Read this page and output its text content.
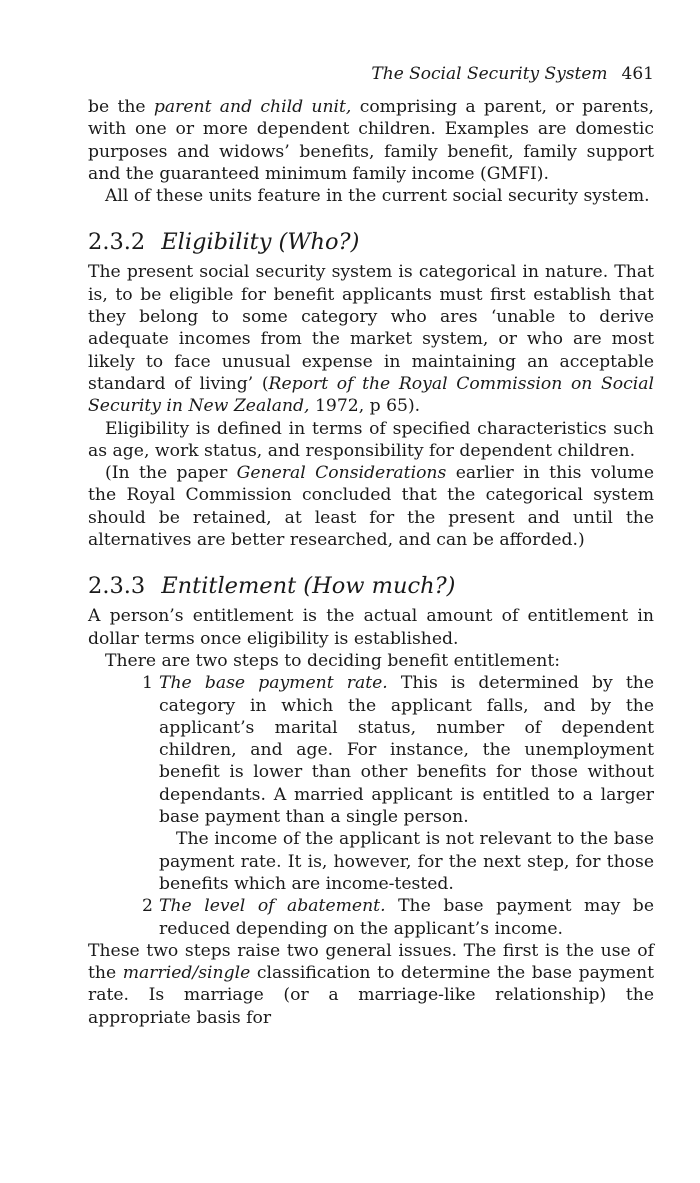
The Social Security System 461

be the parent and child unit, comprising a parent, or parents, with one or more dependent children. Examples are domestic purposes and widows’ benefits, family benefit, family support and the guaranteed minimum family income (GMFI).

All of these units feature in the current social security system.

2.3.2 Eligibility (Who?)

The present social security system is categorical in nature. That is, to be eligible for benefit applicants must first establish that they belong to some category who ares ‘unable to derive adequate incomes from the market system, or who are most likely to face unusual expense in maintaining an acceptable standard of living’ (Report of the Royal Commission on Social Security in New Zealand, 1972, p 65).

Eligibility is defined in terms of specified characteristics such as age, work status, and responsibility for dependent children.

(In the paper General Considerations earlier in this volume the Royal Commission concluded that the categorical system should be retained, at least for the present and until the alternatives are better researched, and can be afforded.)

2.3.3 Entitlement (How much?)

A person’s entitlement is the actual amount of entitlement in dollar terms once eligibility is established.

There are two steps to deciding benefit entitlement:

1 The base payment rate. This is determined by the category in which the applicant falls, and by the applicant’s marital status, number of dependent children, and age. For instance, the unemployment benefit is lower than other benefits for those without dependants. A married applicant is entitled to a larger base payment than a single person.

The income of the applicant is not relevant to the base payment rate. It is, however, for the next step, for those benefits which are income-tested.

2 The level of abatement. The base payment may be reduced depending on the applicant’s income.

These two steps raise two general issues. The first is the use of the married/single classification to determine the base payment rate. Is marriage (or a marriage-like relationship) the appropriate basis for
